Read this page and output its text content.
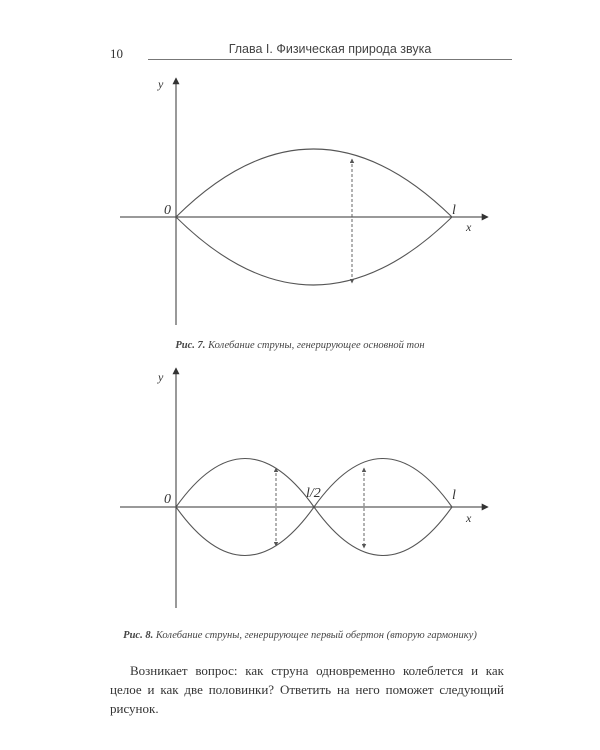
10	Глава I. Физическая природа звука
y
x
0	l
Рис. 7. Колебание струны, генерирующее основной тон
y
x
0	l/2	l
Рис. 8. Колебание струны, генерирующее первый обертон (вторую гармонику)

Возникает вопрос: как струна одновременно колеблется и как целое и как две половинки? Ответить на него поможет следующий рисунок.
